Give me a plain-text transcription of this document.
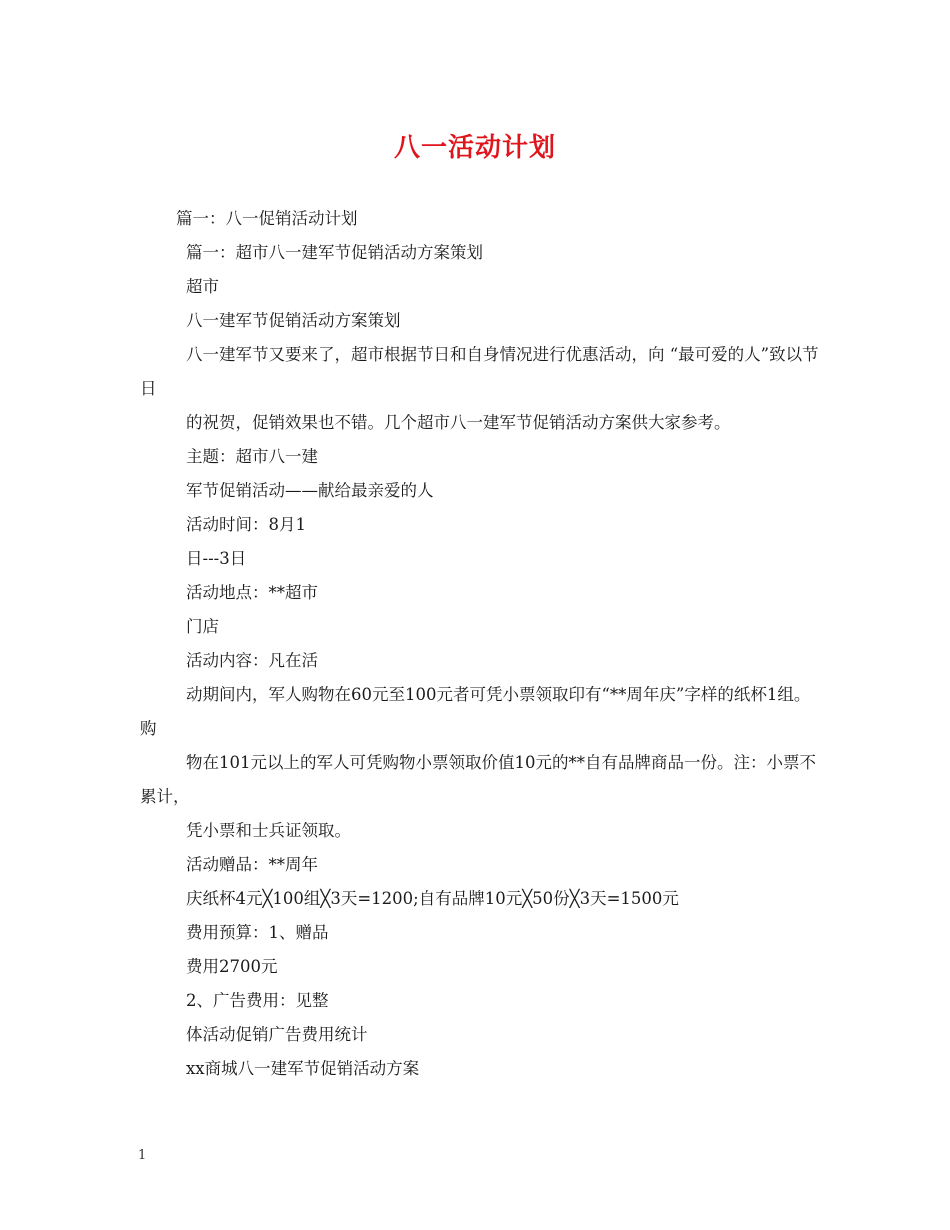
八一活动计划
篇一：八一促销活动计划
篇一：超市八一建军节促销活动方案策划
超市
八一建军节促销活动方案策划
八一建军节又要来了，超市根据节日和自身情况进行优惠活动，向 “最可爱的人”致以节日
的祝贺，促销效果也不错。几个超市八一建军节促销活动方案供大家参考。
主题：超市八一建
军节促销活动——献给最亲爱的人
活动时间：8月1
日---3日
活动地点：**超市
门店
活动内容：凡在活
动期间内，军人购物在60元至100元者可凭小票领取印有“**周年庆”字样的纸杯1组。购
物在101元以上的军人可凭购物小票领取价值10元的**自有品牌商品一份。注：小票不累计，
凭小票和士兵证领取。
活动赠品：**周年
庆纸杯4元╳100组╳3天=1200;自有品牌10元╳50份╳3天=1500元
费用预算：1、赠品
费用2700元
2、广告费用：见整
体活动促销广告费用统计
xx商城八一建军节促销活动方案
1
